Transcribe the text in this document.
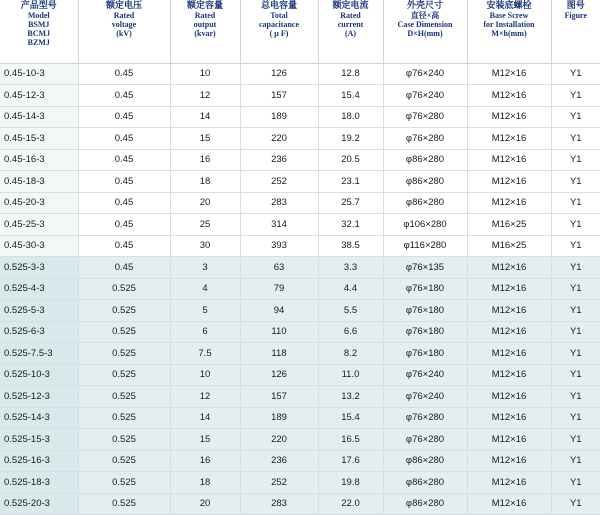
产品型号
Model
BSMJ
BCMJ
BZMJ	额定电压
Rated
voltage
(kV)	额定容量
Rated
output
(kvar)	总电容量
Total
capacitance
( μ F)	额定电流
Rated
current
(A)	外壳尺寸
直径×高
Case Dimension
D×H(mm)	安装底螺栓
Base Screw
for Installation
M×h(mm)	图号
Figure

0.45-10-3	0.45	10	126	12.8	φ76×240	M12×16	Y1
0.45-12-3	0.45	12	157	15.4	φ76×240	M12×16	Y1
0.45-14-3	0.45	14	189	18.0	φ76×280	M12×16	Y1
0.45-15-3	0.45	15	220	19.2	φ76×280	M12×16	Y1
0.45-16-3	0.45	16	236	20.5	φ86×280	M12×16	Y1
0.45-18-3	0.45	18	252	23.1	φ86×280	M12×16	Y1
0.45-20-3	0.45	20	283	25.7	φ86×280	M12×16	Y1
0.45-25-3	0.45	25	314	32.1	φ106×280	M16×25	Y1
0.45-30-3	0.45	30	393	38.5	φ116×280	M16×25	Y1
0.525-3-3	0.45	3	63	3.3	φ76×135	M12×16	Y1
0.525-4-3	0.525	4	79	4.4	φ76×180	M12×16	Y1
0.525-5-3	0.525	5	94	5.5	φ76×180	M12×16	Y1
0.525-6-3	0.525	6	110	6.6	φ76×180	M12×16	Y1
0.525-7.5-3	0.525	7.5	118	8.2	φ76×180	M12×16	Y1
0.525-10-3	0.525	10	126	11.0	φ76×240	M12×16	Y1
0.525-12-3	0.525	12	157	13.2	φ76×240	M12×16	Y1
0.525-14-3	0.525	14	189	15.4	φ76×280	M12×16	Y1
0.525-15-3	0.525	15	220	16.5	φ76×280	M12×16	Y1
0.525-16-3	0.525	16	236	17.6	φ86×280	M12×16	Y1
0.525-18-3	0.525	18	252	19.8	φ86×280	M12×16	Y1
0.525-20-3	0.525	20	283	22.0	φ86×280	M12×16	Y1
